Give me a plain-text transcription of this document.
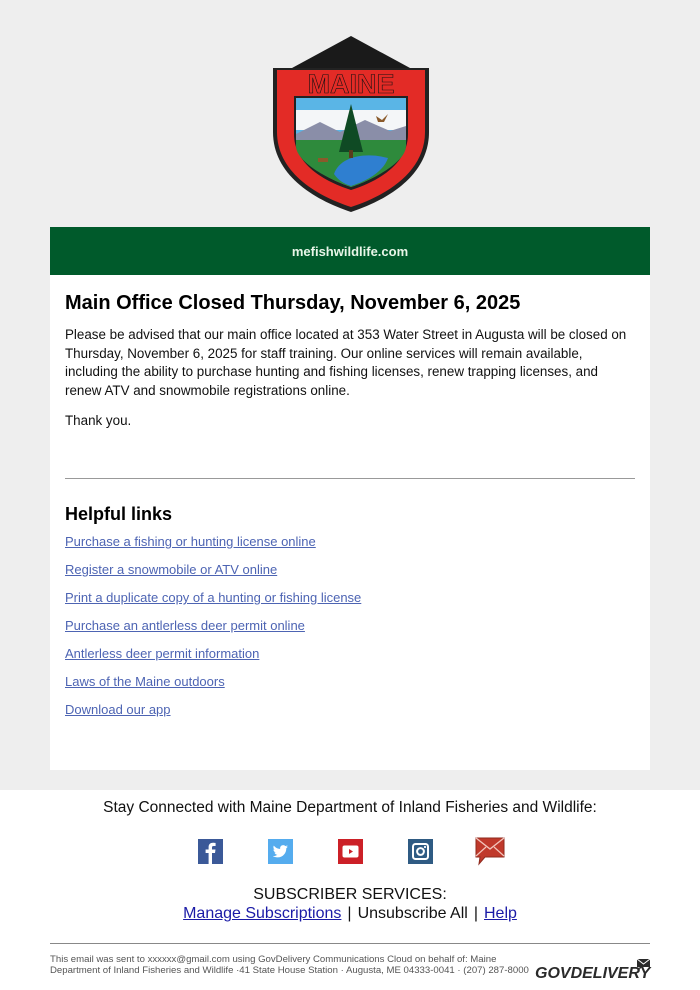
MAINE
mefishwildlife.com
Main Office Closed Thursday, November 6, 2025

Please be advised that our main office located at 353 Water Street in Augusta will be closed on Thursday, November 6, 2025 for staff training. Our online services will remain available, including the ability to purchase hunting and fishing licenses, renew trapping licenses, and renew ATV and snowmobile registrations online.

Thank you.

Helpful links
Purchase a fishing or hunting license online
Register a snowmobile or ATV online
Print a duplicate copy of a hunting or fishing license
Purchase an antlerless deer permit online
Antlerless deer permit information
Laws of the Maine outdoors
Download our app
Stay Connected with Maine Department of Inland Fisheries and Wildlife:
SUBSCRIBER SERVICES:
Manage Subscriptions | Unsubscribe All | Help
This email was sent to xxxxxx@gmail.com using GovDelivery Communications Cloud on behalf of: Maine Department of Inland Fisheries and Wildlife ·41 State House Station · Augusta, ME 04333-0041 · (207) 287-8000 GOVDELIVERY
